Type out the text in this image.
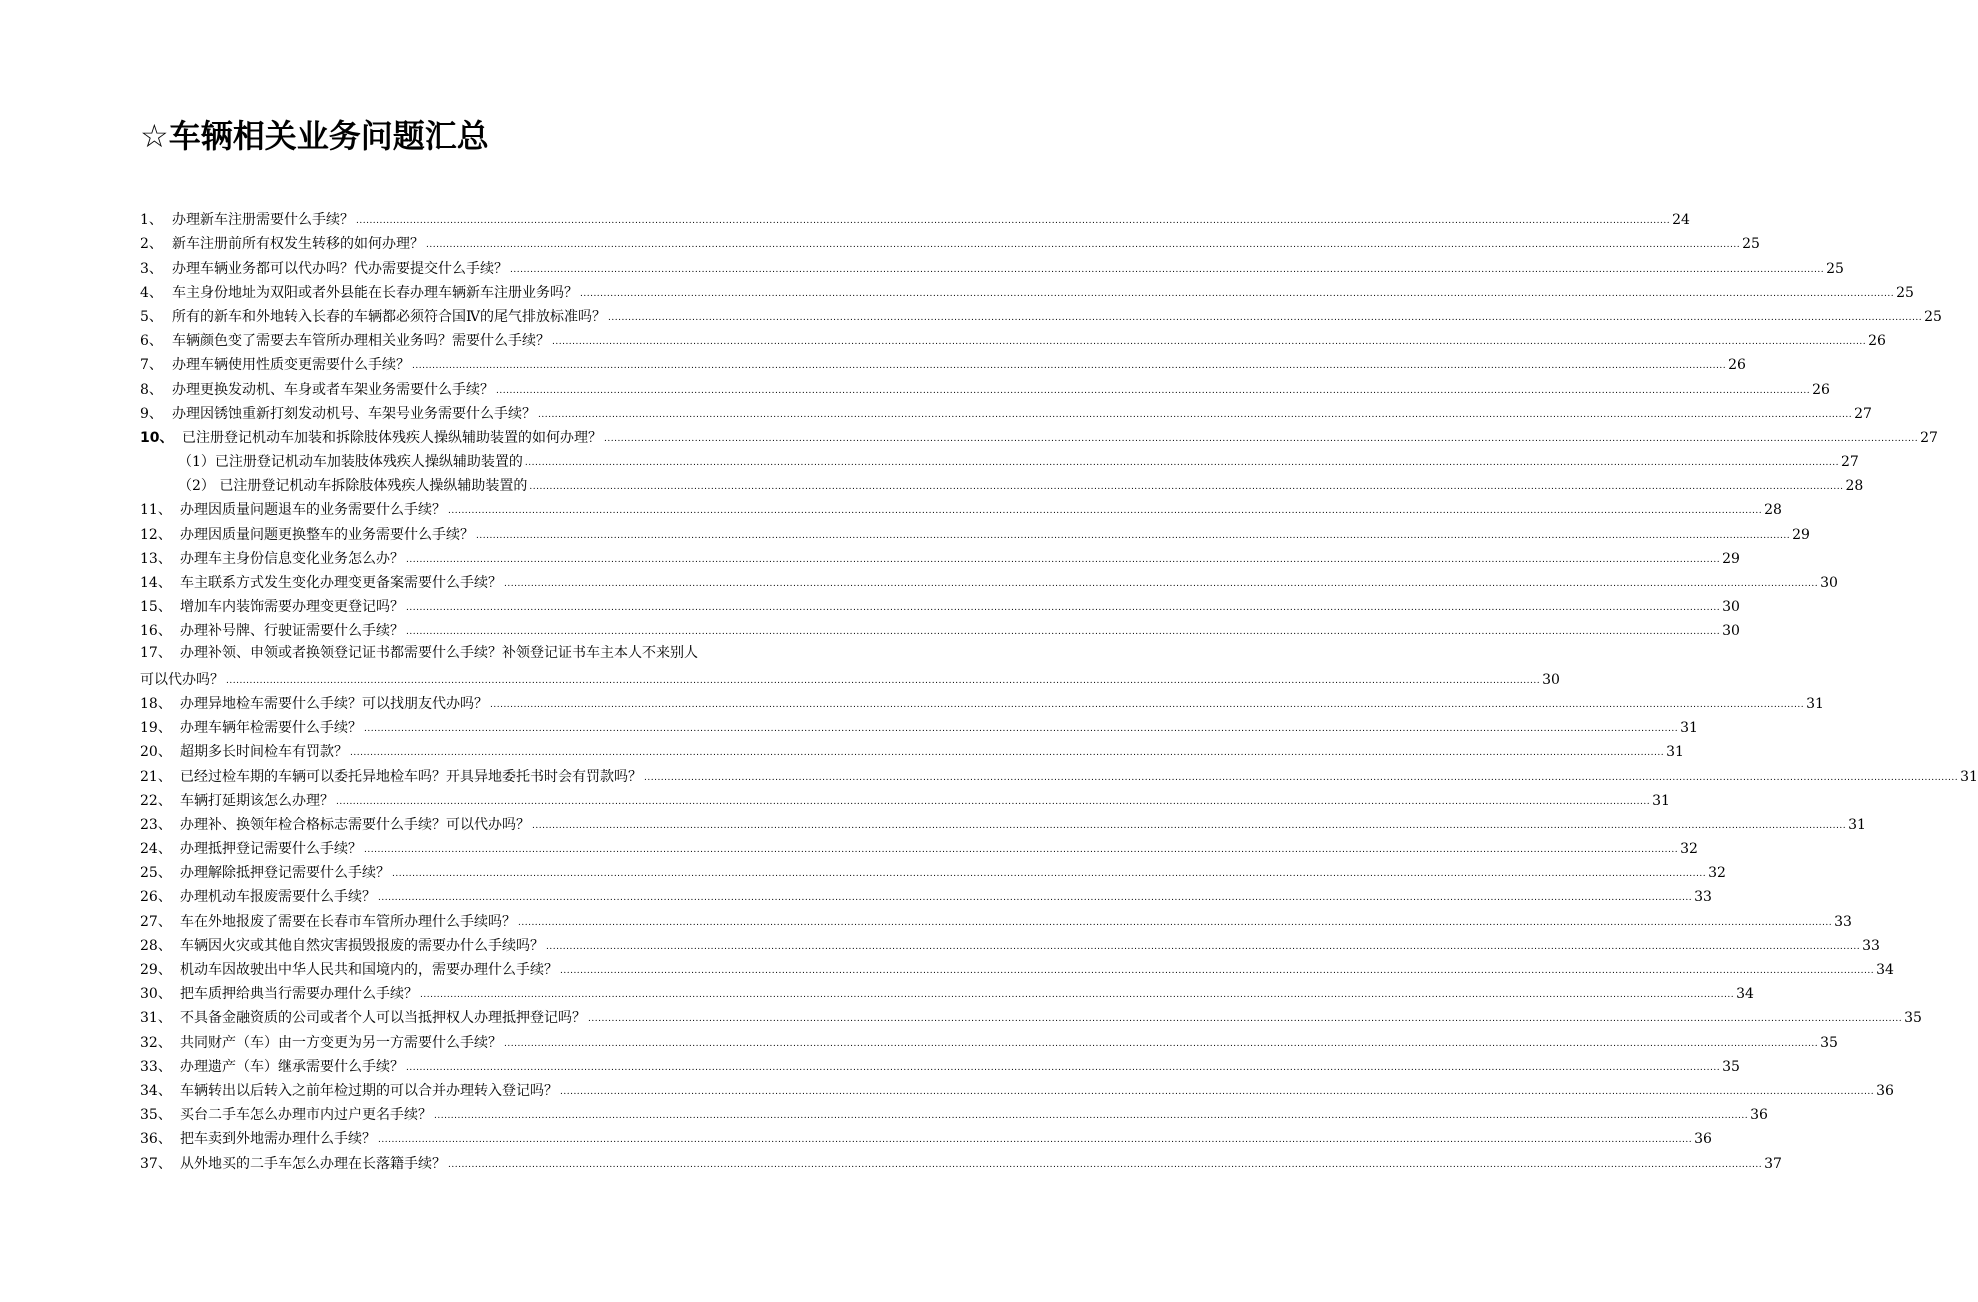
☆车辆相关业务问题汇总
1、 办理新车注册需要什么手续？ .....	24
2、 新车注册前所有权发生转移的如何办理？ .....	25
3、 办理车辆业务都可以代办吗？代办需要提交什么手续？ .....	25
4、 车主身份地址为双阳或者外县能在长春办理车辆新车注册业务吗？ .....	25
5、 所有的新车和外地转入长春的车辆都必须符合国Ⅳ的尾气排放标准吗？ .....	25
6、 车辆颜色变了需要去车管所办理相关业务吗？需要什么手续？ .....	26
7、 办理车辆使用性质变更需要什么手续？ .....	26
8、 办理更换发动机、车身或者车架业务需要什么手续？ .....	26
9、 办理因锈蚀重新打刻发动机号、车架号业务需要什么手续？ .....	27
10、 已注册登记机动车加装和拆除肢体残疾人操纵辅助装置的如何办理？ .....	27
（1）已注册登记机动车加装肢体残疾人操纵辅助装置的 .....	27
（2） 已注册登记机动车拆除肢体残疾人操纵辅助装置的 .....	28
11、 办理因质量问题退车的业务需要什么手续？ .....	28
12、 办理因质量问题更换整车的业务需要什么手续？ .....	29
13、 办理车主身份信息变化业务怎么办？ .....	29
14、 车主联系方式发生变化办理变更备案需要什么手续？ .....	30
15、 增加车内装饰需要办理变更登记吗？ .....	30
16、 办理补号牌、行驶证需要什么手续？ .....	30
17、 办理补领、申领或者换领登记证书都需要什么手续？补领登记证书车主本人不来别人
可以代办吗？ .....	30
18、 办理异地检车需要什么手续？可以找朋友代办吗？ .....	31
19、 办理车辆年检需要什么手续？ .....	31
20、 超期多长时间检车有罚款？ .....	31
21、 已经过检车期的车辆可以委托异地检车吗？开具异地委托书时会有罚款吗？ .....	31
22、 车辆打延期该怎么办理？ .....	31
23、 办理补、换领年检合格标志需要什么手续？可以代办吗？ .....	31
24、 办理抵押登记需要什么手续？ .....	32
25、 办理解除抵押登记需要什么手续？ .....	32
26、 办理机动车报废需要什么手续？ .....	33
27、 车在外地报废了需要在长春市车管所办理什么手续吗？ .....	33
28、 车辆因火灾或其他自然灾害损毁报废的需要办什么手续吗？ .....	33
29、 机动车因故驶出中华人民共和国境内的，需要办理什么手续？ .....	34
30、 把车质押给典当行需要办理什么手续？ .....	34
31、 不具备金融资质的公司或者个人可以当抵押权人办理抵押登记吗？ .....	35
32、 共同财产（车）由一方变更为另一方需要什么手续？ .....	35
33、 办理遗产（车）继承需要什么手续？ .....	35
34、 车辆转出以后转入之前年检过期的可以合并办理转入登记吗？ .....	36
35、 买台二手车怎么办理市内过户更名手续？ .....	36
36、 把车卖到外地需办理什么手续？ .....	36
37、 从外地买的二手车怎么办理在长落籍手续？ .....	37
